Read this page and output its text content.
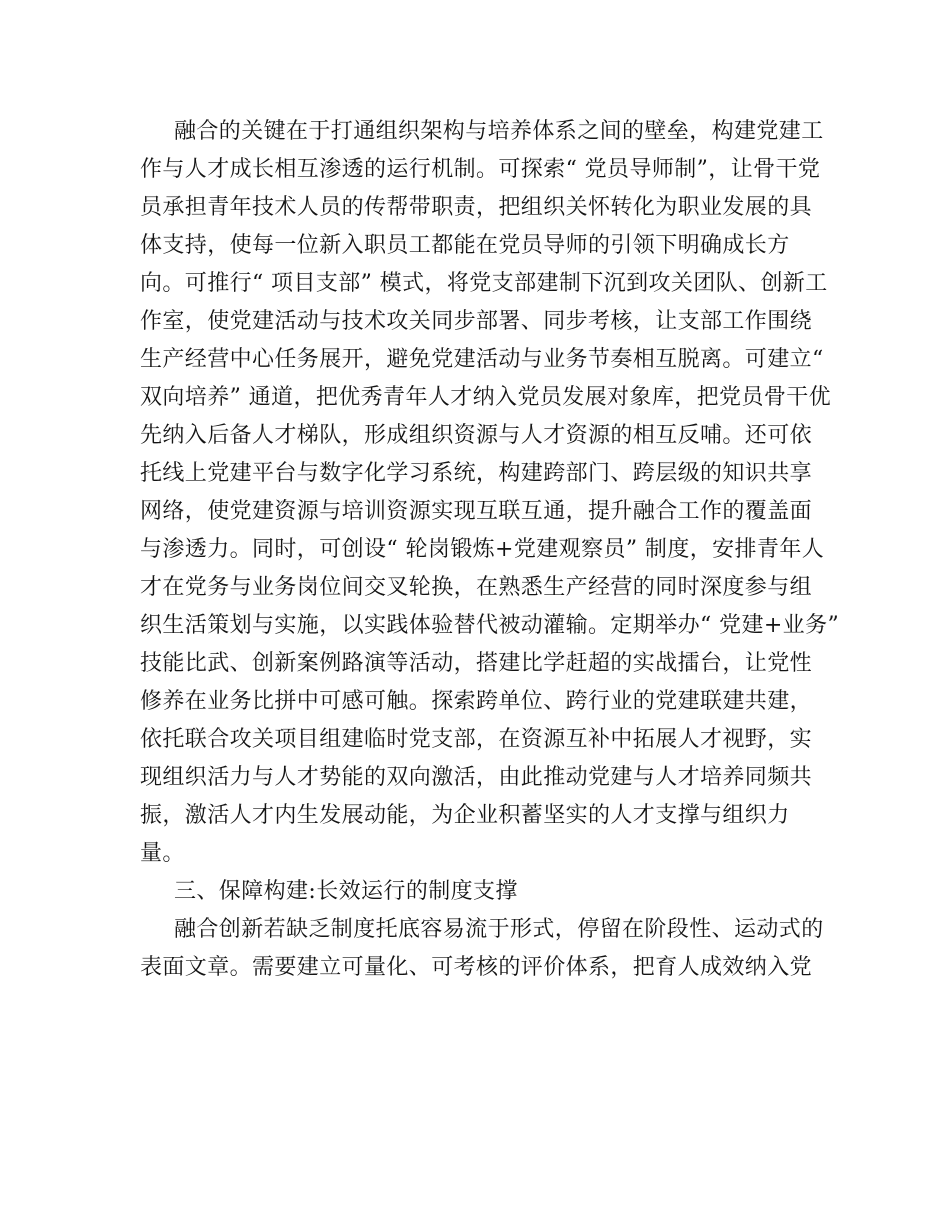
融合的关键在于打通组织架构与培养体系之间的壁垒，构建党建工
作与人才成长相互渗透的运行机制。可探索“ 党员导师制”，让骨干党
员承担青年技术人员的传帮带职责，把组织关怀转化为职业发展的具
体支持，使每一位新入职员工都能在党员导师的引领下明确成长方
向。可推行“ 项目支部” 模式，将党支部建制下沉到攻关团队、创新工
作室，使党建活动与技术攻关同步部署、同步考核，让支部工作围绕
生产经营中心任务展开，避免党建活动与业务节奏相互脱离。可建立“
双向培养” 通道，把优秀青年人才纳入党员发展对象库，把党员骨干优
先纳入后备人才梯队，形成组织资源与人才资源的相互反哺。还可依
托线上党建平台与数字化学习系统，构建跨部门、跨层级的知识共享
网络，使党建资源与培训资源实现互联互通，提升融合工作的覆盖面
与渗透力。同时，可创设“ 轮岗锻炼+党建观察员” 制度，安排青年人
才在党务与业务岗位间交叉轮换，在熟悉生产经营的同时深度参与组
织生活策划与实施，以实践体验替代被动灌输。定期举办“ 党建+业务”
技能比武、创新案例路演等活动，搭建比学赶超的实战擂台，让党性
修养在业务比拼中可感可触。探索跨单位、跨行业的党建联建共建，
依托联合攻关项目组建临时党支部，在资源互补中拓展人才视野，实
现组织活力与人才势能的双向激活，由此推动党建与人才培养同频共
振，激活人才内生发展动能，为企业积蓄坚实的人才支撑与组织力
量。
三、保障构建:长效运行的制度支撑
融合创新若缺乏制度托底容易流于形式，停留在阶段性、运动式的
表面文章。需要建立可量化、可考核的评价体系，把育人成效纳入党
